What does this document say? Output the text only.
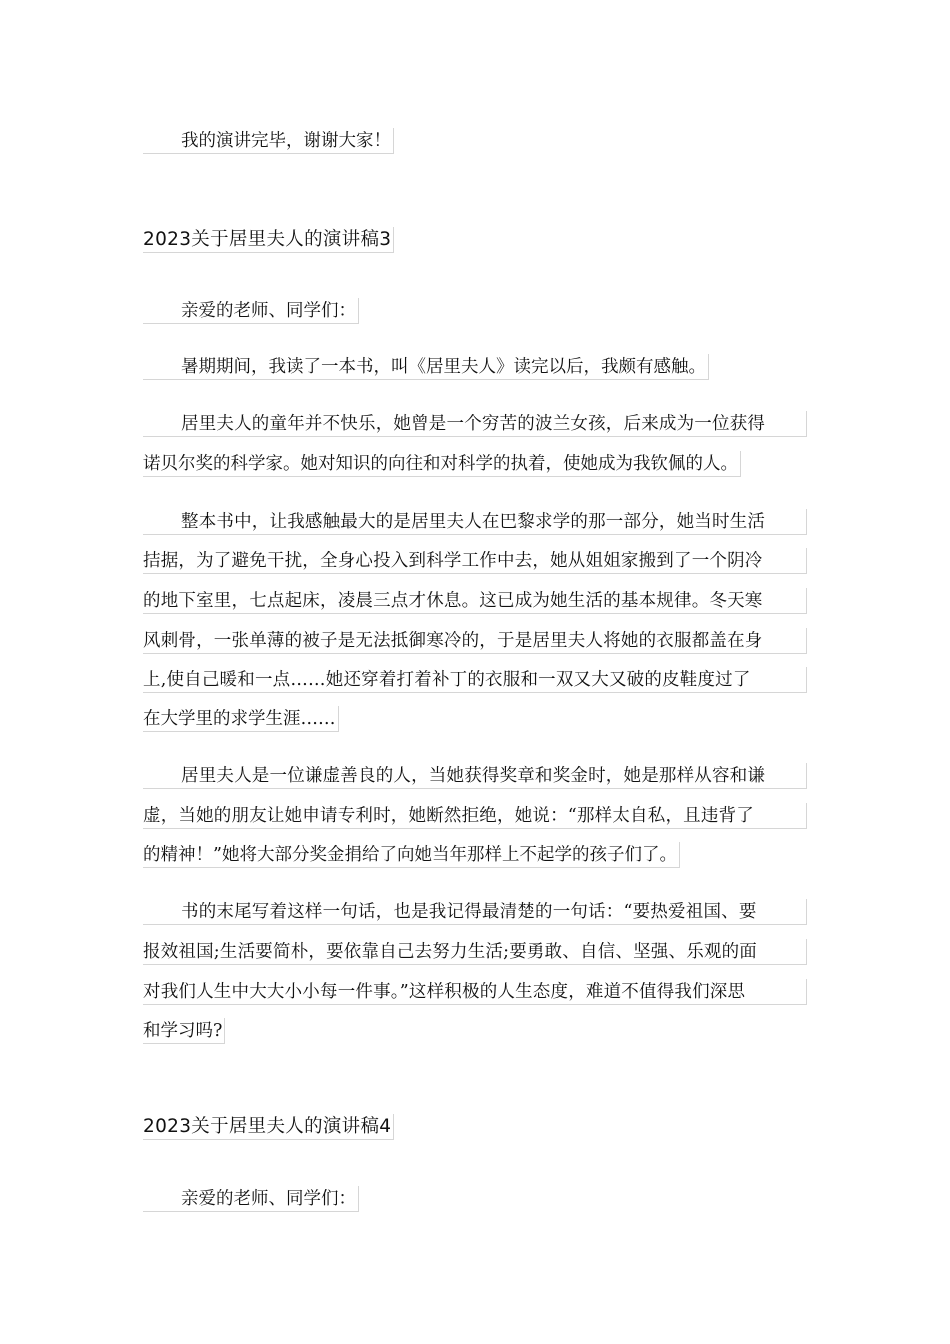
我的演讲完毕，谢谢大家！
2023关于居里夫人的演讲稿3
亲爱的老师、同学们：
暑期期间，我读了一本书，叫《居里夫人》读完以后，我颇有感触。
居里夫人的童年并不快乐，她曾是一个穷苦的波兰女孩，后来成为一位获得
诺贝尔奖的科学家。她对知识的向往和对科学的执着，使她成为我钦佩的人。
整本书中，让我感触最大的是居里夫人在巴黎求学的那一部分，她当时生活
拮据，为了避免干扰，全身心投入到科学工作中去，她从姐姐家搬到了一个阴冷
的地下室里，七点起床，凌晨三点才休息。这已成为她生活的基本规律。冬天寒
风刺骨，一张单薄的被子是无法抵御寒冷的，于是居里夫人将她的衣服都盖在身
上,使自己暖和一点……她还穿着打着补丁的衣服和一双又大又破的皮鞋度过了
在大学里的求学生涯……
居里夫人是一位谦虚善良的人，当她获得奖章和奖金时，她是那样从容和谦
虚，当她的朋友让她申请专利时，她断然拒绝，她说：“那样太自私，且违背了
的精神！”她将大部分奖金捐给了向她当年那样上不起学的孩子们了。
书的末尾写着这样一句话，也是我记得最清楚的一句话：“要热爱祖国、要
报效祖国;生活要简朴，要依靠自己去努力生活;要勇敢、自信、坚强、乐观的面
对我们人生中大大小小每一件事。”这样积极的人生态度，难道不值得我们深思
和学习吗?
2023关于居里夫人的演讲稿4
亲爱的老师、同学们：
